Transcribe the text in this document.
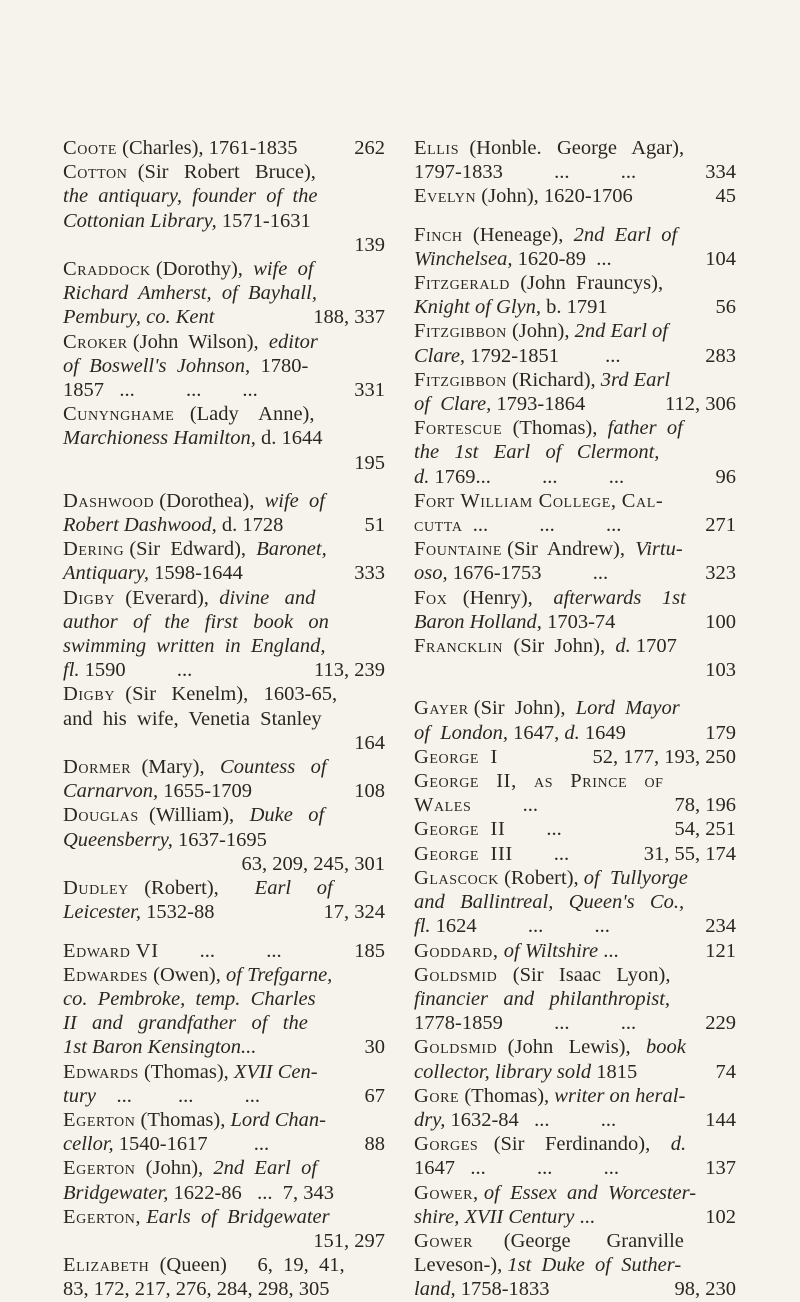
Coote (Charles), 1761-1835	262
Cotton  (Sir   Robert   Bruce),
the  antiquary,  founder  of  the
Cottonian Library, 1571-1631
139
Craddock (Dorothy),  wife  of
Richard  Amherst,  of  Bayhall,
Pembury, co. Kent	188, 337
Croker (John  Wilson),  editor
of  Boswell's  Johnson,  1780-
1857   ...          ...        ...	331
Cunynghame   (Lady    Anne),
Marchioness Hamilton, d. 1644
195
Dashwood (Dorothea),  wife  of
Robert Dashwood, d. 1728	51
Dering (Sir  Edward),  Baronet,
Antiquary, 1598-1644	333
Digby  (Everard),  divine   and
author   of   the   first   book   on
swimming  written  in  England,
fl. 1590          ...	113, 239
Digby  (Sir   Kenelm),   1603-65,
and  his  wife,  Venetia  Stanley
164
Dormer  (Mary),   Countess   of
Carnarvon, 1655-1709	108
Douglas  (William),   Duke   of
Queensberry, 1637-1695
63, 209, 245, 301
Dudley   (Robert),       Earl     of
Leicester, 1532-88	17, 324
Edward VI        ...          ...	185
Edwardes (Owen), of Trefgarne,
co.  Pembroke,  temp.  Charles
II   and   grandfather   of   the
1st Baron Kensington...	30
Edwards (Thomas), XVII Cen-
tury    ...         ...          ...	67
Egerton (Thomas), Lord Chan-
cellor, 1540-1617         ...	88
Egerton  (John),  2nd  Earl  of
Bridgewater, 1622-86   ...  7, 343
Egerton, Earls  of  Bridgewater
151, 297
Elizabeth  (Queen)      6,  19,  41,
83, 172, 217, 276, 284, 298, 305
Ellis  (Honble.   George   Agar),
1797-1833          ...          ...	334
Evelyn (John), 1620-1706	45
Finch  (Heneage),  2nd  Earl  of
Winchelsea, 1620-89  ...	104
Fitzgerald  (John  Frauncys),
Knight of Glyn, b. 1791	56
Fitzgibbon (John), 2nd Earl of
Clare, 1792-1851         ...	283
Fitzgibbon (Richard), 3rd Earl
of  Clare, 1793-1864	112, 306
Fortescue  (Thomas),  father  of
the   1st   Earl   of   Clermont,
d. 1769...          ...          ...	96
Fort William College, Cal-
cutta  ...          ...          ...	271
Fountaine (Sir  Andrew),  Virtu-
oso, 1676-1753          ...	323
Fox   (Henry),    afterwards    1st
Baron Holland, 1703-74	100
Francklin  (Sir  John),  d. 1707
103
Gayer (Sir  John),  Lord  Mayor
of  London, 1647, d. 1649	179
George  I	52, 177, 193, 250
George   II,   as   Prince   of
Wales          ...	78, 196
George  II        ...	54, 251
George  III        ...	31, 55, 174
Glascock (Robert), of  Tullyorge
and   Ballintreal,   Queen's   Co.,
fl. 1624          ...          ...	234
Goddard, of Wiltshire ...	121
Goldsmid   (Sir   Isaac   Lyon),
financier   and   philanthropist,
1778-1859          ...          ...	229
Goldsmid  (John   Lewis),   book
collector, library sold 1815	74
Gore (Thomas), writer on heral-
dry, 1632-84   ...          ...	144
Gorges   (Sir    Ferdinando),    d.
1647   ...          ...          ...	137
Gower, of  Essex  and  Worcester-
shire, XVII Century ...	102
Gower      (George       Granville
Leveson-), 1st  Duke  of  Suther-
land, 1758-1833	98, 230
